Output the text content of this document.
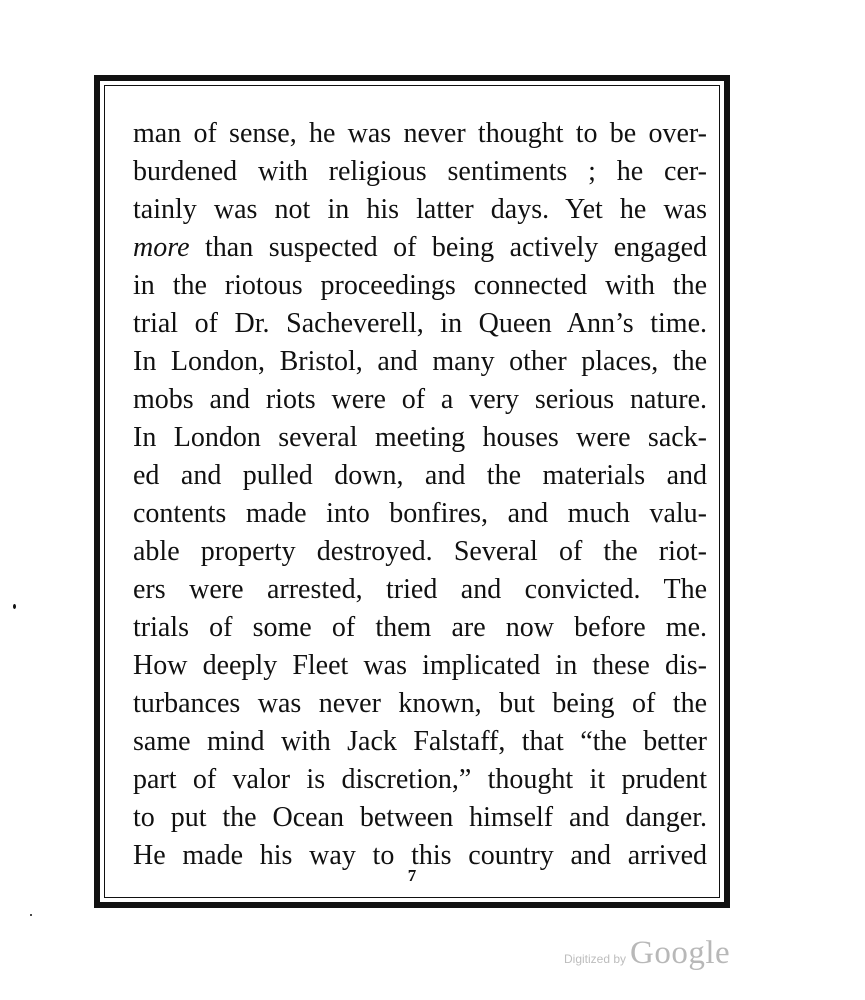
man of sense, he was never thought to be over-
burdened with religious sentiments ; he cer-
tainly was not in his latter days. Yet he was
more than suspected of being actively engaged
in the riotous proceedings connected with the
trial of Dr. Sacheverell, in Queen Ann’s time.
In London, Bristol, and many other places, the
mobs and riots were of a very serious nature.
In London several meeting houses were sack-
ed and pulled down, and the materials and
contents made into bonfires, and much valu-
able property destroyed. Several of the riot-
ers were arrested, tried and convicted. The
trials of some of them are now before me.
How deeply Fleet was implicated in these dis-
turbances was never known, but being of the
same mind with Jack Falstaff, that “the better
part of valor is discretion,” thought it prudent
to put the Ocean between himself and danger.
He made his way to this country and arrived
7
Digitized by Google
